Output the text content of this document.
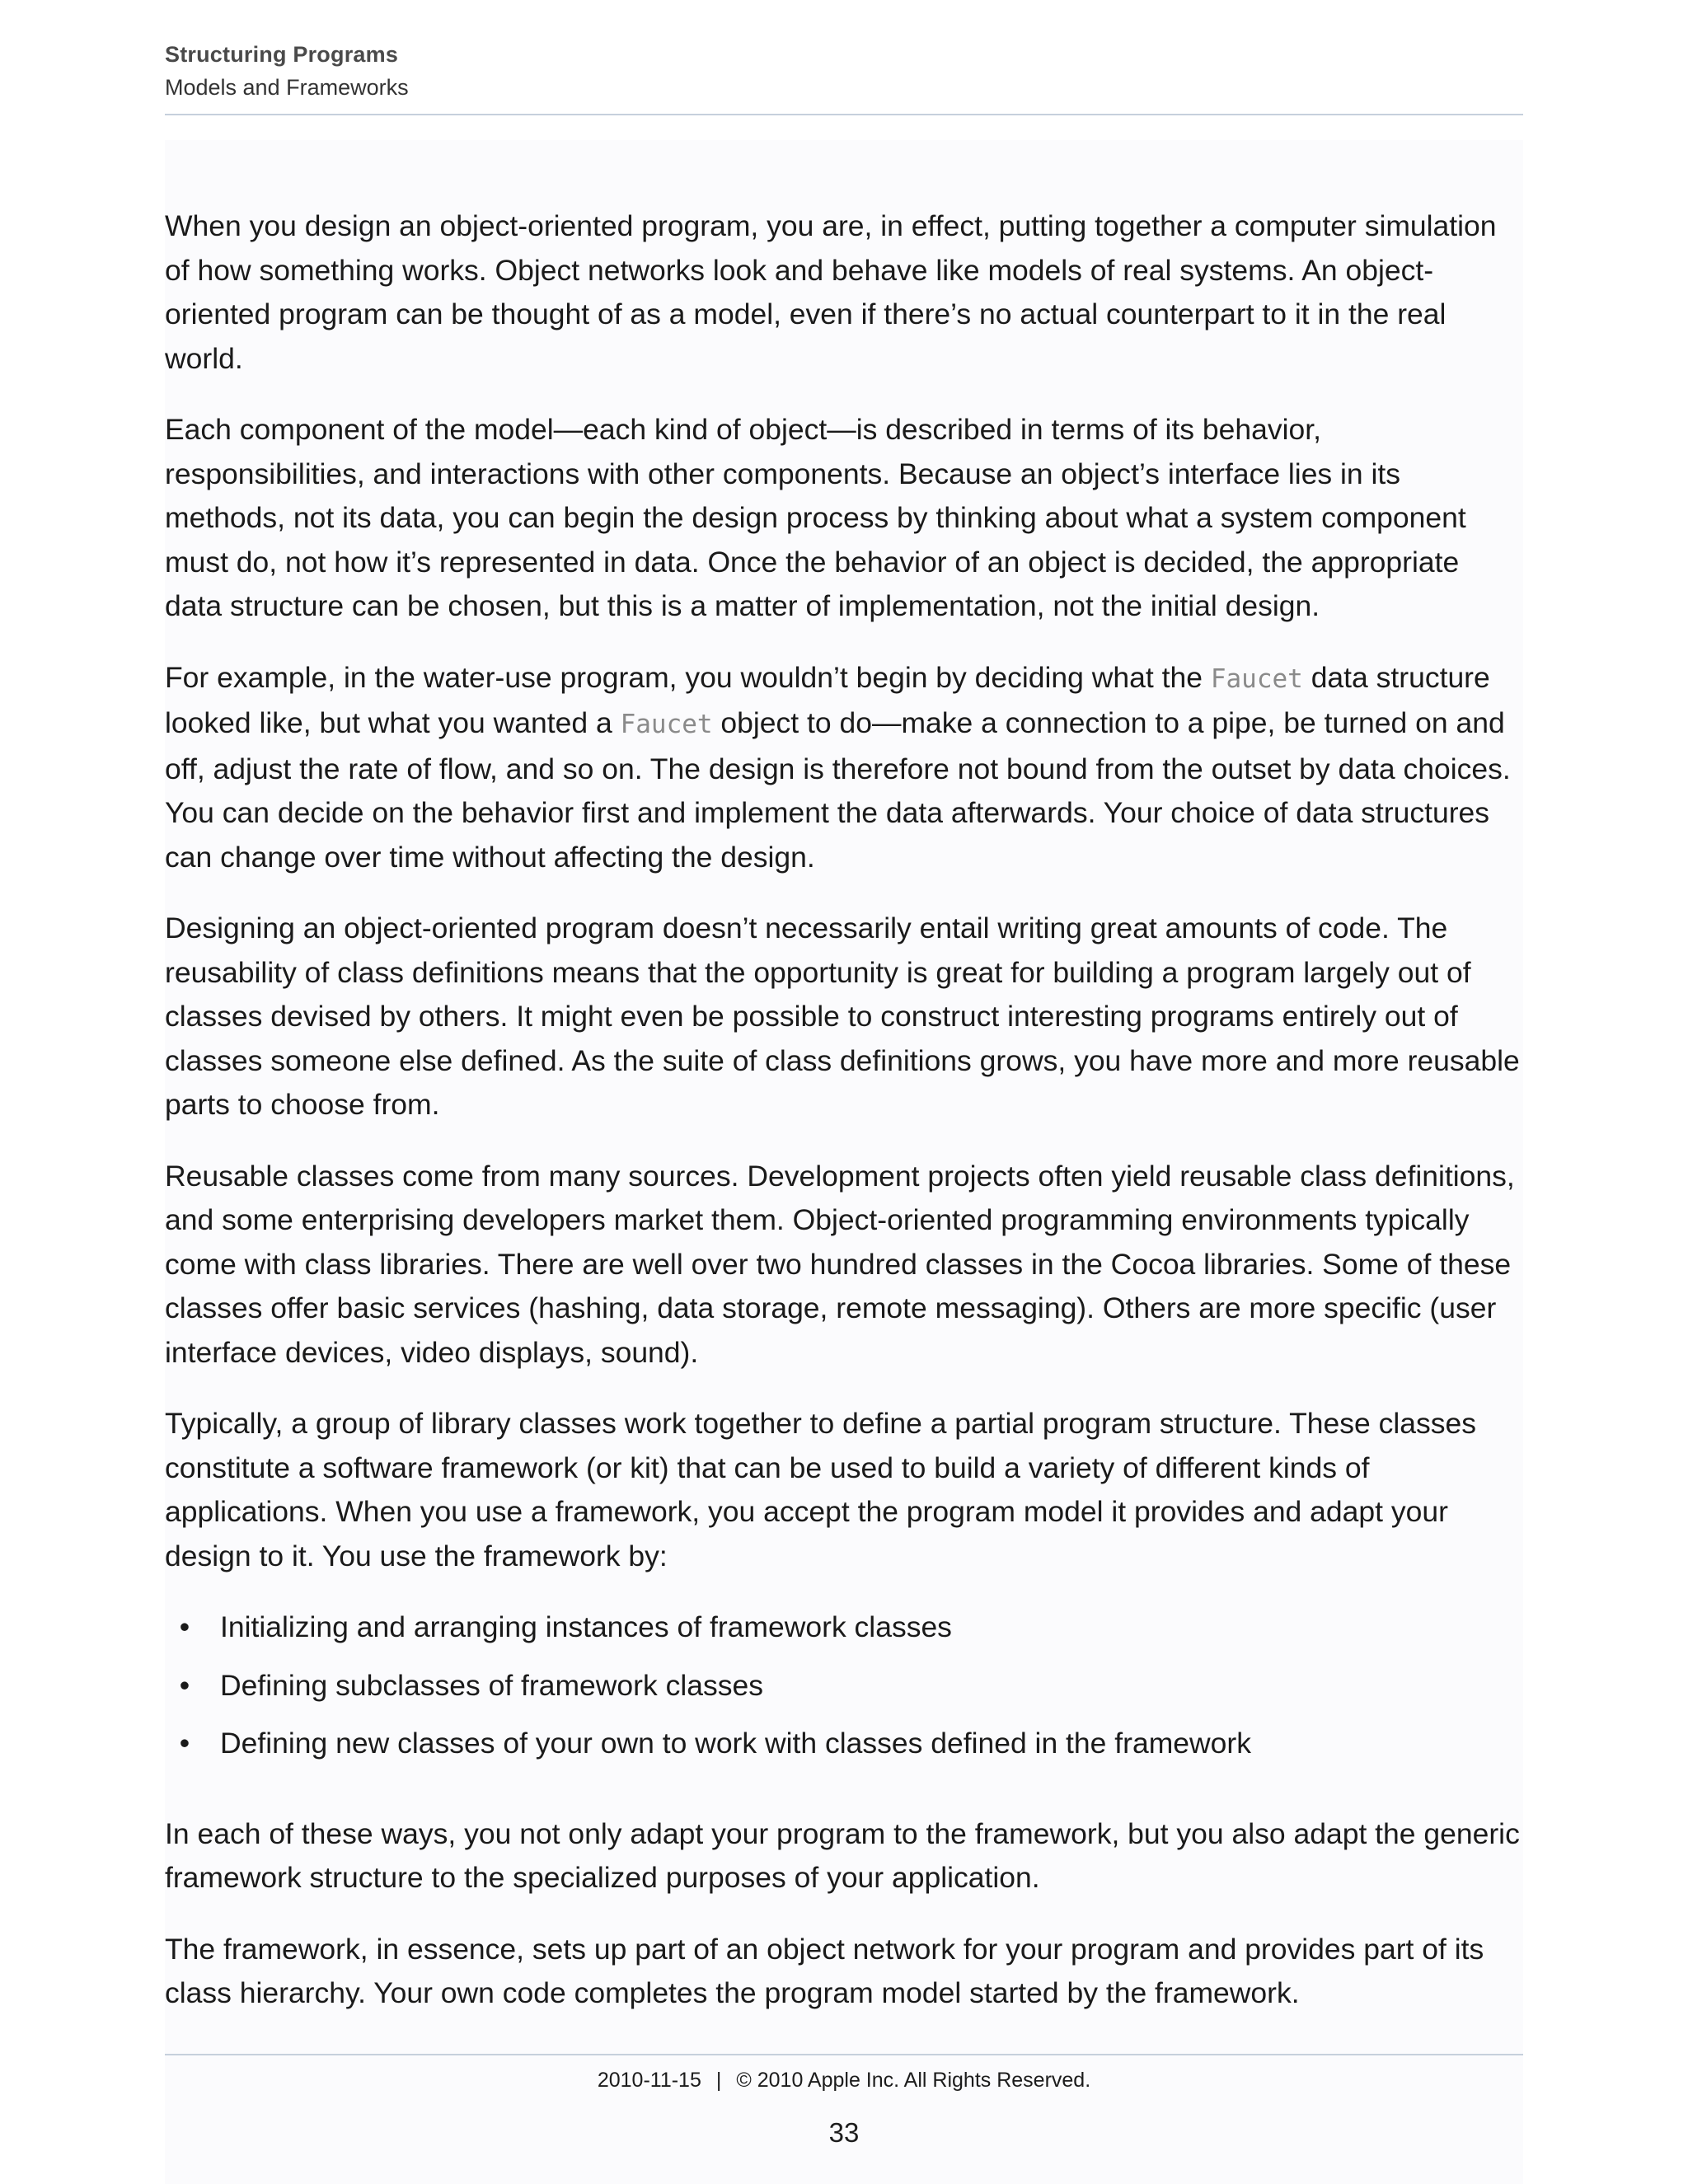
Structuring Programs
Models and Frameworks

When you design an object-oriented program, you are, in effect, putting together a computer simulation of how something works. Object networks look and behave like models of real systems. An object-oriented program can be thought of as a model, even if there’s no actual counterpart to it in the real world.

Each component of the model—each kind of object—is described in terms of its behavior, responsibilities, and interactions with other components. Because an object’s interface lies in its methods, not its data, you can begin the design process by thinking about what a system component must do, not how it’s represented in data. Once the behavior of an object is decided, the appropriate data structure can be chosen, but this is a matter of implementation, not the initial design.

For example, in the water-use program, you wouldn’t begin by deciding what the Faucet data structure looked like, but what you wanted a Faucet object to do—make a connection to a pipe, be turned on and off, adjust the rate of flow, and so on. The design is therefore not bound from the outset by data choices. You can decide on the behavior first and implement the data afterwards. Your choice of data structures can change over time without affecting the design.

Designing an object-oriented program doesn’t necessarily entail writing great amounts of code. The reusability of class definitions means that the opportunity is great for building a program largely out of classes devised by others. It might even be possible to construct interesting programs entirely out of classes someone else defined. As the suite of class definitions grows, you have more and more reusable parts to choose from.

Reusable classes come from many sources. Development projects often yield reusable class definitions, and some enterprising developers market them. Object-oriented programming environments typically come with class libraries. There are well over two hundred classes in the Cocoa libraries. Some of these classes offer basic services (hashing, data storage, remote messaging). Others are more specific (user interface devices, video displays, sound).

Typically, a group of library classes work together to define a partial program structure. These classes constitute a software framework (or kit) that can be used to build a variety of different kinds of applications. When you use a framework, you accept the program model it provides and adapt your design to it. You use the framework by:

• Initializing and arranging instances of framework classes
• Defining subclasses of framework classes
• Defining new classes of your own to work with classes defined in the framework

In each of these ways, you not only adapt your program to the framework, but you also adapt the generic framework structure to the specialized purposes of your application.

The framework, in essence, sets up part of an object network for your program and provides part of its class hierarchy. Your own code completes the program model started by the framework.

2010-11-15 | © 2010 Apple Inc. All Rights Reserved.
33
